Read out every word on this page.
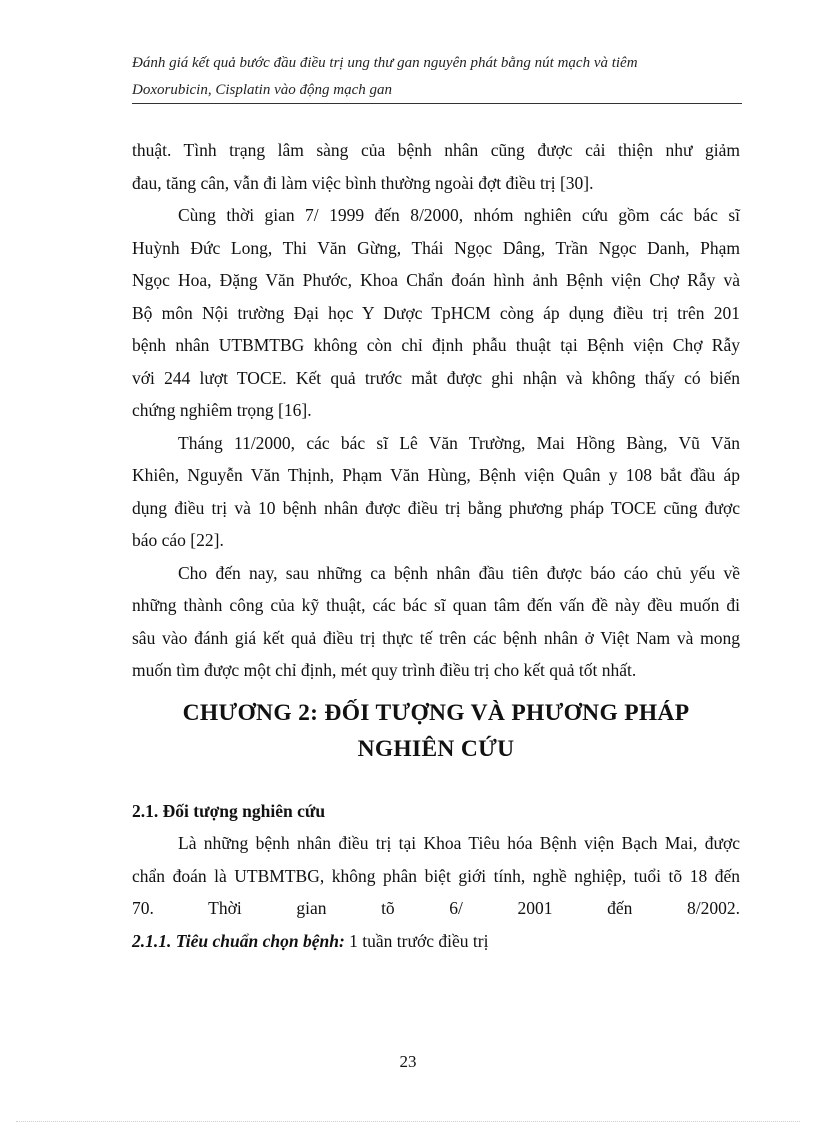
Đánh giá kết quả bước đầu điều trị ung thư gan nguyên phát bằng nút mạch và tiêm
Doxorubicin, Cisplatin vào động mạch gan
thuật. Tình trạng lâm sàng của bệnh nhân cũng được cải thiện như giảm
đau, tăng cân, vẫn đi làm việc bình thường ngoài đợt điều trị [30].
Cùng thời gian 7/ 1999 đến 8/2000, nhóm nghiên cứu gồm các bác sĩ
Huỳnh Đức Long, Thi Văn Gừng, Thái Ngọc Dâng, Trần Ngọc Danh, Phạm
Ngọc Hoa, Đặng Văn Phước, Khoa Chẩn đoán hình ảnh Bệnh viện Chợ Rẫy và
Bộ môn Nội trường Đại học Y Dược TpHCM còng áp dụng điều trị trên 201
bệnh nhân UTBMTBG không còn chỉ định phẫu thuật tại Bệnh viện Chợ Rẫy
với 244 lượt TOCE. Kết quả trước mắt được ghi nhận và không thấy có biến
chứng nghiêm trọng [16].
Tháng 11/2000, các bác sĩ Lê Văn Trường, Mai Hồng Bàng, Vũ Văn
Khiên, Nguyễn Văn Thịnh, Phạm Văn Hùng, Bệnh viện Quân y 108 bắt đầu áp
dụng điều trị và 10 bệnh nhân được điều trị bằng phương pháp TOCE cũng được
báo cáo [22].
Cho đến nay, sau những ca bệnh nhân đầu tiên được báo cáo chủ yếu về
những thành công của kỹ thuật, các bác sĩ quan tâm đến vấn đề này đều muốn đi
sâu vào đánh giá kết quả điều trị thực tế trên các bệnh nhân ở Việt Nam và mong
muốn tìm được một chỉ định, mét quy trình điều trị cho kết quả tốt nhất.
CHƯƠNG 2: ĐỐI TƯỢNG VÀ PHƯƠNG PHÁP
NGHIÊN CỨU
2.1. Đối tượng nghiên cứu
Là những bệnh nhân điều trị tại Khoa Tiêu hóa Bệnh viện Bạch Mai, được
chẩn đoán là UTBMTBG, không phân biệt giới tính, nghề nghiệp, tuổi tõ 18 đến
70. Thời gian tõ 6/ 2001 đến 8/2002.
2.1.1. Tiêu chuẩn chọn bệnh: 1 tuần trước điều trị
23
